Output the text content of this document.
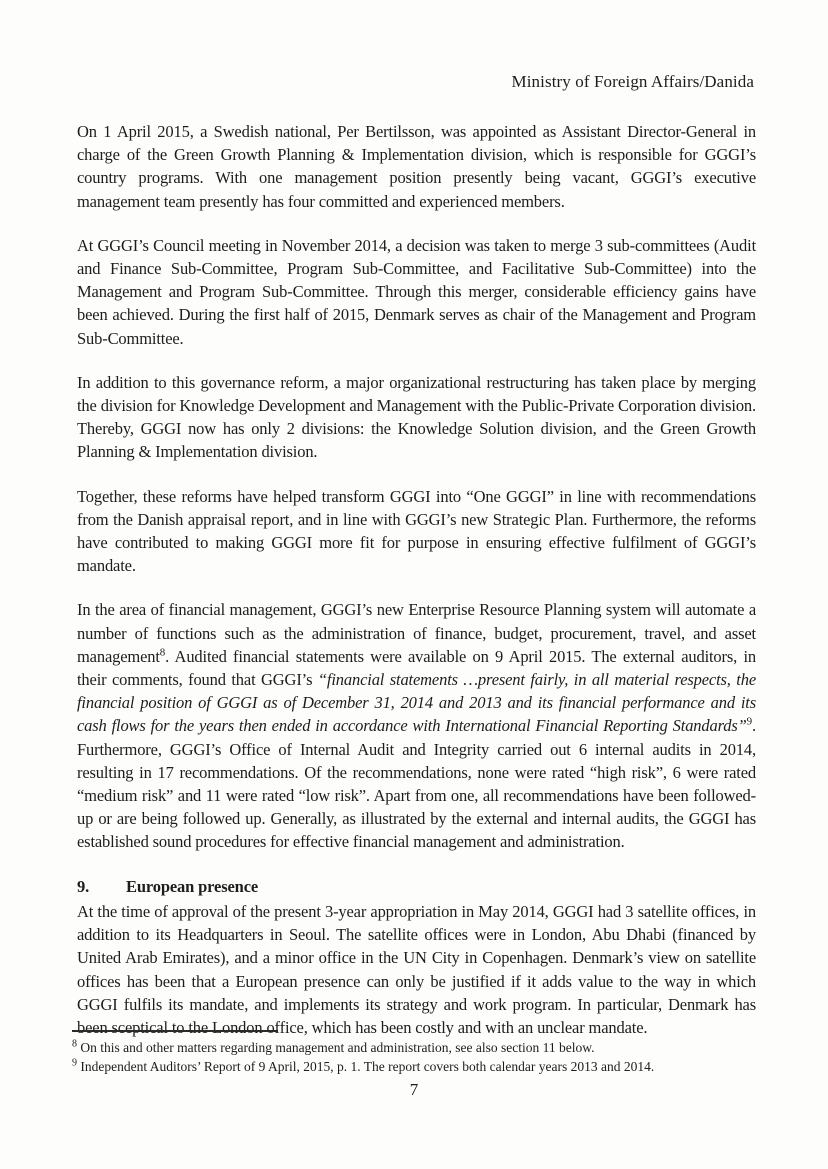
Ministry of Foreign Affairs/Danida

On 1 April 2015, a Swedish national, Per Bertilsson, was appointed as Assistant Director-General in charge of the Green Growth Planning & Implementation division, which is responsible for GGGI’s country programs. With one management position presently being vacant, GGGI’s executive management team presently has four committed and experienced members.

At GGGI’s Council meeting in November 2014, a decision was taken to merge 3 sub-committees (Audit and Finance Sub-Committee, Program Sub-Committee, and Facilitative Sub-Committee) into the Management and Program Sub-Committee. Through this merger, considerable efficiency gains have been achieved. During the first half of 2015, Denmark serves as chair of the Management and Program Sub-Committee.

In addition to this governance reform, a major organizational restructuring has taken place by merging the division for Knowledge Development and Management with the Public-Private Corporation division. Thereby, GGGI now has only 2 divisions: the Knowledge Solution division, and the Green Growth Planning & Implementation division.

Together, these reforms have helped transform GGGI into “One GGGI” in line with recommendations from the Danish appraisal report, and in line with GGGI’s new Strategic Plan. Furthermore, the reforms have contributed to making GGGI more fit for purpose in ensuring effective fulfilment of GGGI’s mandate.

In the area of financial management, GGGI’s new Enterprise Resource Planning system will automate a number of functions such as the administration of finance, budget, procurement, travel, and asset management$^8$. Audited financial statements were available on 9 April 2015. The external auditors, in their comments, found that GGGI’s “financial statements …present fairly, in all material respects, the financial position of GGGI as of December 31, 2014 and 2013 and its financial performance and its cash flows for the years then ended in accordance with International Financial Reporting Standards”$^9$. Furthermore, GGGI’s Office of Internal Audit and Integrity carried out 6 internal audits in 2014, resulting in 17 recommendations. Of the recommendations, none were rated “high risk”, 6 were rated “medium risk” and 11 were rated “low risk”. Apart from one, all recommendations have been followed-up or are being followed up. Generally, as illustrated by the external and internal audits, the GGGI has established sound procedures for effective financial management and administration.

9. European presence

At the time of approval of the present 3-year appropriation in May 2014, GGGI had 3 satellite offices, in addition to its Headquarters in Seoul. The satellite offices were in London, Abu Dhabi (financed by United Arab Emirates), and a minor office in the UN City in Copenhagen. Denmark’s view on satellite offices has been that a European presence can only be justified if it adds value to the way in which GGGI fulfils its mandate, and implements its strategy and work program. In particular, Denmark has been sceptical to the London office, which has been costly and with an unclear mandate.

$^8$ On this and other matters regarding management and administration, see also section 11 below.
$^9$ Independent Auditors’ Report of 9 April, 2015, p. 1. The report covers both calendar years 2013 and 2014.
7
